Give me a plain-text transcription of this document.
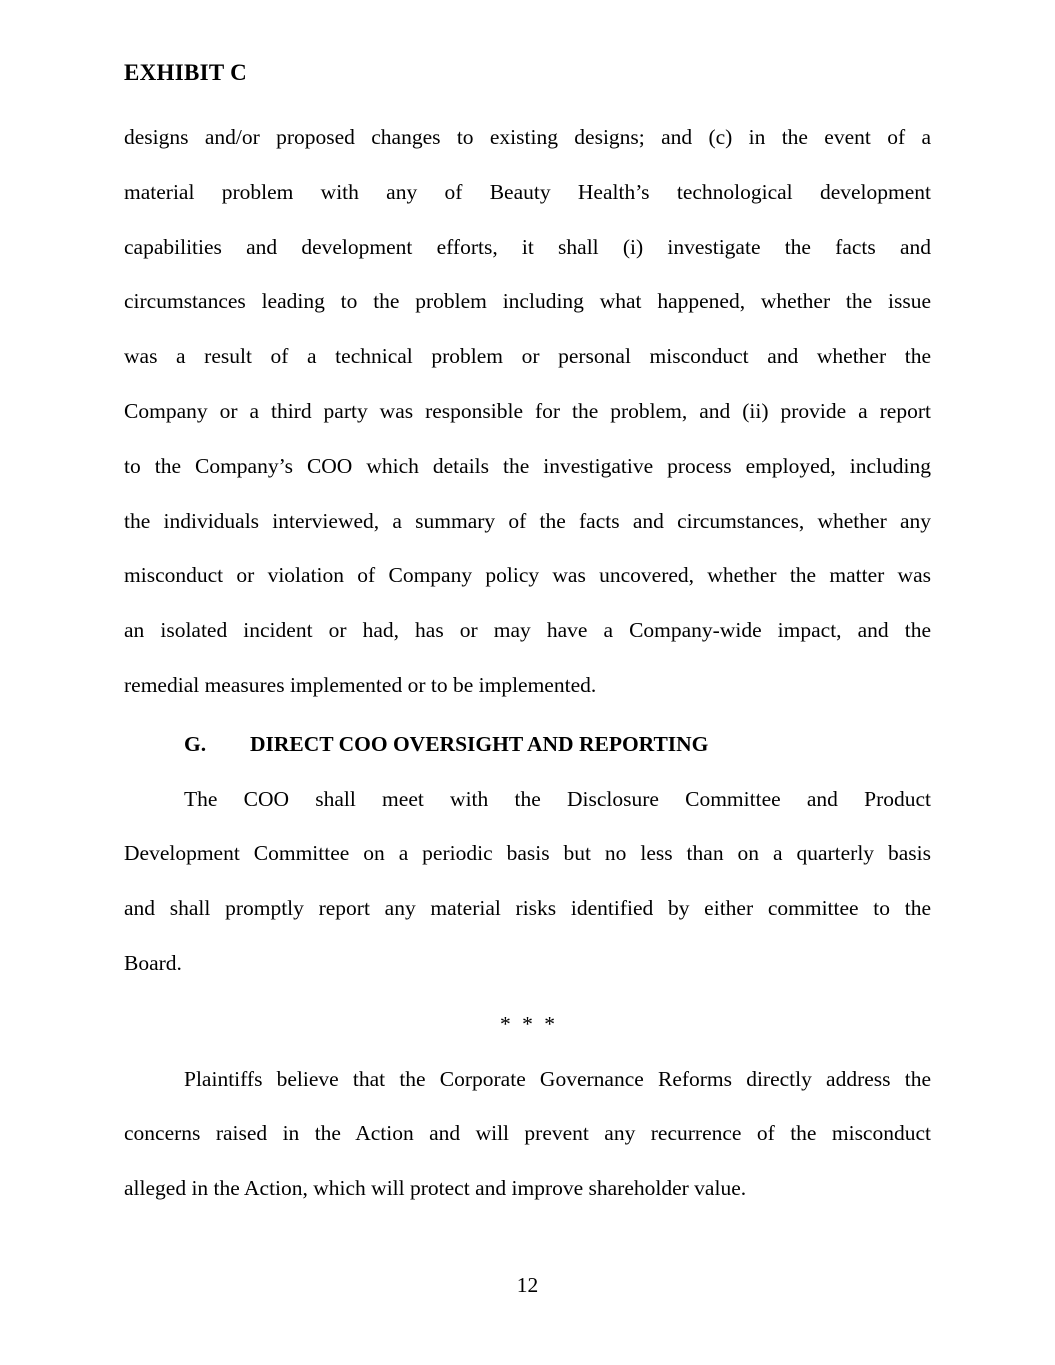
EXHIBIT C
designs and/or proposed changes to existing designs; and (c) in the event of a
material problem with any of Beauty Health’s technological development
capabilities and development efforts, it shall (i) investigate the facts and
circumstances leading to the problem including what happened, whether the issue
was a result of a technical problem or personal misconduct and whether the
Company or a third party was responsible for the problem, and (ii) provide a report
to the Company’s COO which details the investigative process employed, including
the individuals interviewed, a summary of the facts and circumstances, whether any
misconduct or violation of Company policy was uncovered, whether the matter was
an isolated incident or had, has or may have a Company-wide impact, and the
remedial measures implemented or to be implemented.
G. DIRECT COO OVERSIGHT AND REPORTING
The COO shall meet with the Disclosure Committee and Product
Development Committee on a periodic basis but no less than on a quarterly basis
and shall promptly report any material risks identified by either committee to the
Board.
* * *
Plaintiffs believe that the Corporate Governance Reforms directly address the
concerns raised in the Action and will prevent any recurrence of the misconduct
alleged in the Action, which will protect and improve shareholder value.
12
